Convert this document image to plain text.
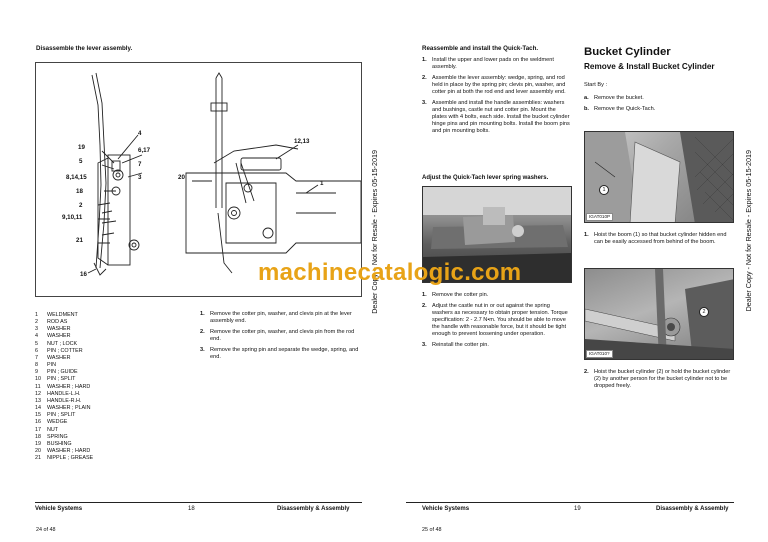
Disassemble the lever assembly.
4
19	6,17
5	7
8,14,15	3
18
2
9,10,11
21
16
12,13
20
1
1	WELDMENT
2	ROD AS
3	WASHER
4	WASHER
5	NUT ; LOCK
6	PIN ; COTTER
7	WASHER
8	PIN
9	PIN ; GUIDE
10	PIN ; SPLIT
11	WASHER ; HARD
12	HANDLE-L.H.
13	HANDLE-R.H.
14	WASHER ; PLAIN
15	PIN ; SPLIT
16	WEDGE
17	NUT
18	SPRING
19	BUSHING
20	WASHER ; HARD
21	NIPPLE ; GREASE
1. Remove the cotter pin, washer, and clevis pin at the lever assembly end.
2. Remove the cotter pin, washer, and clevis pin from the rod end.
3. Remove the spring pin and separate the wedge, spring, and end.
Vehicle Systems	18	Disassembly & Assembly
24 of 48
Dealer Copy -- Not for Resale - Expires 05-15-2019
Reassemble and install the Quick-Tach.
1. Install the upper and lower pads on the weldment assembly.
2. Assemble the lever assembly: wedge, spring, and rod held in place by the spring pin; clevis pin, washer, and cotter pin at both the rod end and lever assembly end.
3. Assemble and install the handle assemblies: washers and bushings, castle nut and cotter pin. Mount the plates with 4 bolts, each side. Install the bucket cylinder hinge pins and pin mounting bolts. Install the boom pins and pin mounting bolts.
Adjust the Quick-Tach lever spring washers.
1. Remove the cotter pin.
2. Adjust the castle nut in or out against the spring washers as necessary to obtain proper tension. Torque specification: 2 - 2.7 N•m. You should be able to move the handle with reasonable force, but it should be tight enough to prevent loosening under operation.
3. Reinstall the cotter pin.
Bucket Cylinder
Remove & Install Bucket Cylinder
Start By :
a. Remove the bucket.
b. Remove the Quick-Tach.
1
IGAT010P
1. Hoist the boom (1) so that bucket cylinder hidden end can be easily accessed from behind of the boom.
2
IGAT010?
2. Hoist the bucket cylinder (2) or hold the bucket cylinder (2) by another person for the bucket cylinder not to be dropped freely.
Dealer Copy - Not for Resale - Expires 05-15-2019
Vehicle Systems	19	Disassembly & Assembly
25 of 48
machinecatalogic.com
